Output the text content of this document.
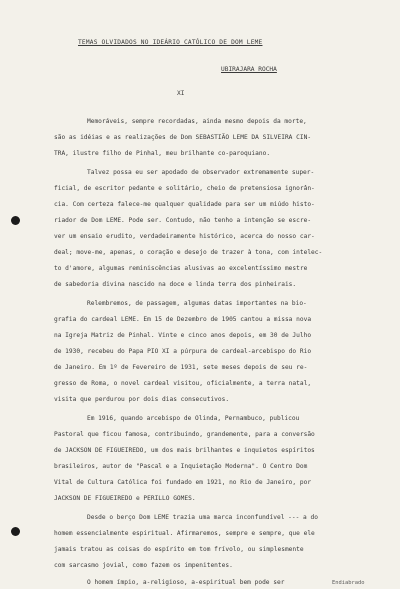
TEMAS OLVIDADOS NO IDEÁRIO CATÓLICO DE DOM LEME
UBIRAJARA ROCHA
XI
Memoráveis, sempre recordadas, ainda mesmo depois da morte,
são as idéias e as realizações de Dom SEBASTIÃO LEME DA SILVEIRA CIN-
TRA, ilustre filho de Pinhal, meu brilhante co-paroquiano.
Talvez possa eu ser apodado de observador extremamente super-
ficial, de escritor pedante e solitário, cheio de pretensiosa ignorân-
cia. Com certeza falece-me qualquer qualidade para ser um miúdo histo-
riador de Dom LEME. Pode ser. Contudo, não tenho a intenção se escre-
ver um ensaio erudito, verdadeiramente histórico, acerca do nosso car-
deal; move-me, apenas, o coração e desejo de trazer à tona, com intelec-
to d'amore, algumas reminiscências alusivas ao excelentíssimo mestre
de sabedoria divina nascido na doce e linda terra dos pinheirais.
Relembremos, de passagem, algumas datas importantes na bio-
grafia do cardeal LEME. Em 15 de Dezembro de 1905 cantou a missa nova
na Igreja Matriz de Pinhal. Vinte e cinco anos depois, em 30 de Julho
de 1930, recebeu do Papa PIO XI a púrpura de cardeal-arcebispo do Rio
de Janeiro. Em 1º de Fevereiro de 1931, sete meses depois de seu re-
gresso de Roma, o novel cardeal visitou, oficialmente, a terra natal,
visita que perdurou por dois dias consecutivos.
Em 1916, quando arcebispo de Olinda, Pernambuco, publicou
Pastoral que ficou famosa, contribuindo, grandemente, para a conversão
de JACKSON DE FIGUEIREDO, um dos mais brilhantes e inquietos espíritos
brasileiros, autor de "Pascal e a Inquietação Moderna". O Centro Dom
Vital de Cultura Católica foi fundado em 1921, no Rio de Janeiro, por
JACKSON DE FIGUEIREDO e PERILLO GOMES.
Desde o berço Dom LEME trazia uma marca inconfundível --- a do
homem essencialmente espiritual. Afirmaremos, sempre e sempre, que ele
jamais tratou as coisas do espírito em tom frívolo, ou simplesmente
com sarcasmo jovial, como fazem os impenitentes.
O homem ímpio, a-religioso, a-espiritual bem pode ser	Endiabrado
